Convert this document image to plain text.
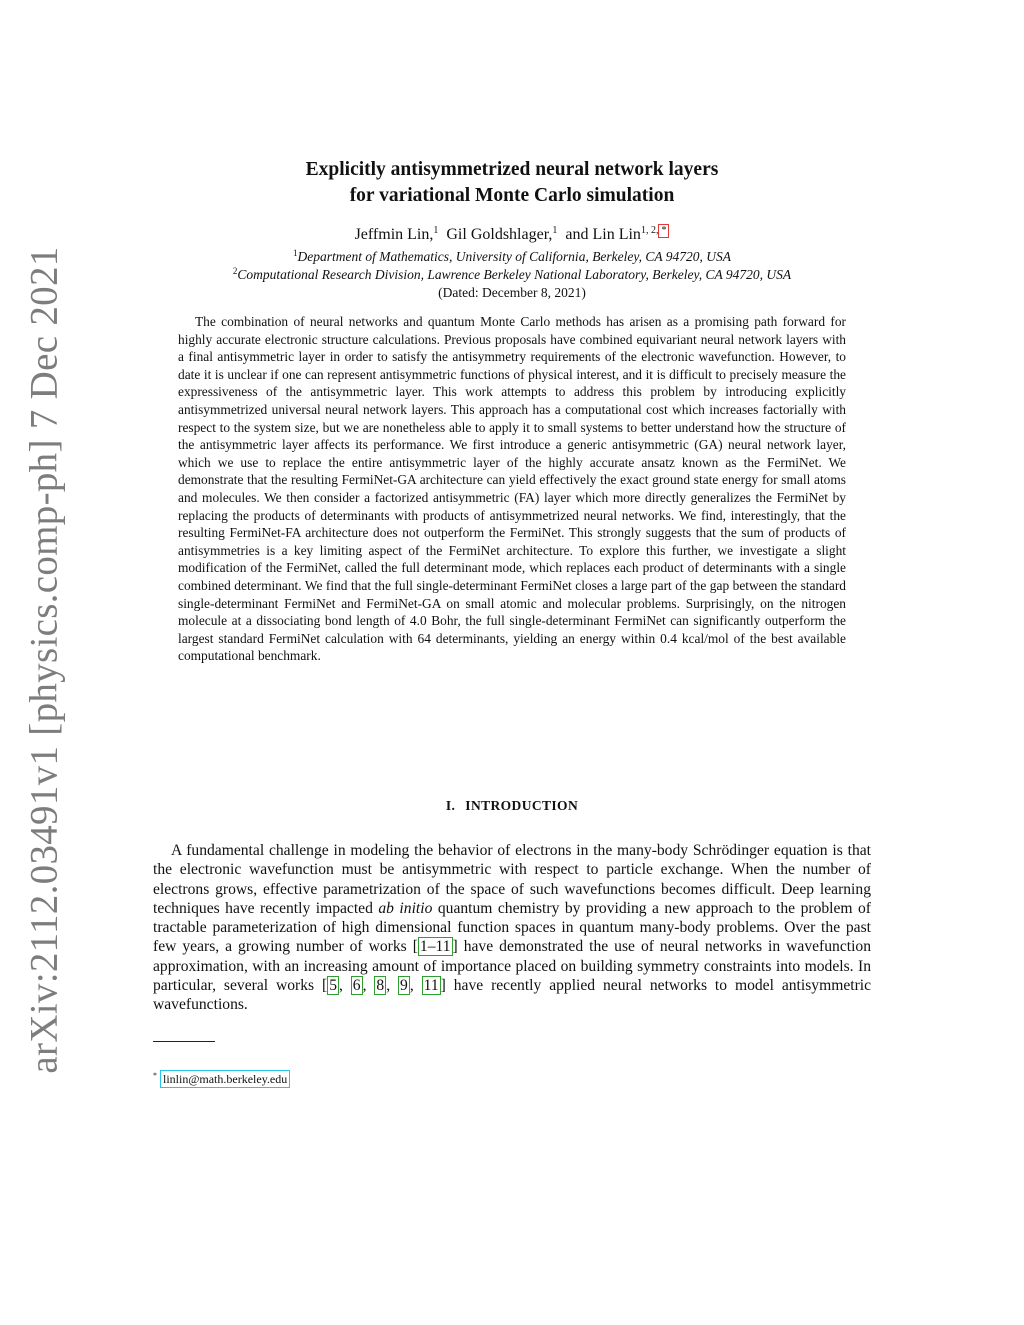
arXiv:2112.03491v1 [physics.comp-ph] 7 Dec 2021
Explicitly antisymmetrized neural network layers
for variational Monte Carlo simulation
Jeffmin Lin,$^1$ Gil Goldshlager,$^1$ and Lin Lin$^{1, 2,}$ *
$^1$Department of Mathematics, University of California, Berkeley, CA 94720, USA
$^2$Computational Research Division, Lawrence Berkeley National Laboratory, Berkeley, CA 94720, USA
(Dated: December 8, 2021)

The combination of neural networks and quantum Monte Carlo methods has arisen as a promising path forward for highly accurate electronic structure calculations. Previous proposals have combined equivariant neural network layers with a final antisymmetric layer in order to satisfy the antisymmetry requirements of the electronic wavefunction. However, to date it is unclear if one can represent antisymmetric functions of physical interest, and it is difficult to precisely measure the expressiveness of the antisymmetric layer. This work attempts to address this problem by introducing explicitly antisymmetrized universal neural network layers. This approach has a computational cost which increases factorially with respect to the system size, but we are nonetheless able to apply it to small systems to better understand how the structure of the antisymmetric layer affects its performance. We first introduce a generic antisymmetric (GA) neural network layer, which we use to replace the entire antisymmetric layer of the highly accurate ansatz known as the FermiNet. We demonstrate that the resulting FermiNet-GA architecture can yield effectively the exact ground state energy for small atoms and molecules. We then consider a factorized antisymmetric (FA) layer which more directly generalizes the FermiNet by replacing the products of determinants with products of antisymmetrized neural networks. We find, interestingly, that the resulting FermiNet-FA architecture does not outperform the FermiNet. This strongly suggests that the sum of products of antisymmetries is a key limiting aspect of the FermiNet architecture. To explore this further, we investigate a slight modification of the FermiNet, called the full determinant mode, which replaces each product of determinants with a single combined determinant. We find that the full single-determinant FermiNet closes a large part of the gap between the standard single-determinant FermiNet and FermiNet-GA on small atomic and molecular problems. Surprisingly, on the nitrogen molecule at a dissociating bond length of 4.0 Bohr, the full single-determinant FermiNet can significantly outperform the largest standard FermiNet calculation with 64 determinants, yielding an energy within 0.4 kcal/mol of the best available computational benchmark.

I. INTRODUCTION

A fundamental challenge in modeling the behavior of electrons in the many-body Schrödinger equation is that the electronic wavefunction must be antisymmetric with respect to particle exchange. When the number of electrons grows, effective parametrization of the space of such wavefunctions becomes difficult. Deep learning techniques have recently impacted ab initio quantum chemistry by providing a new approach to the problem of tractable parameterization of high dimensional function spaces in quantum many-body problems. Over the past few years, a growing number of works [ 1–11 ] have demonstrated the use of neural networks in wavefunction approximation, with an increasing amount of importance placed on building symmetry constraints into models. In particular, several works [ 5 , 6 , 8 , 9 , 11 ] have recently applied neural networks to model antisymmetric wavefunctions.

* linlin@math.berkeley.edu
